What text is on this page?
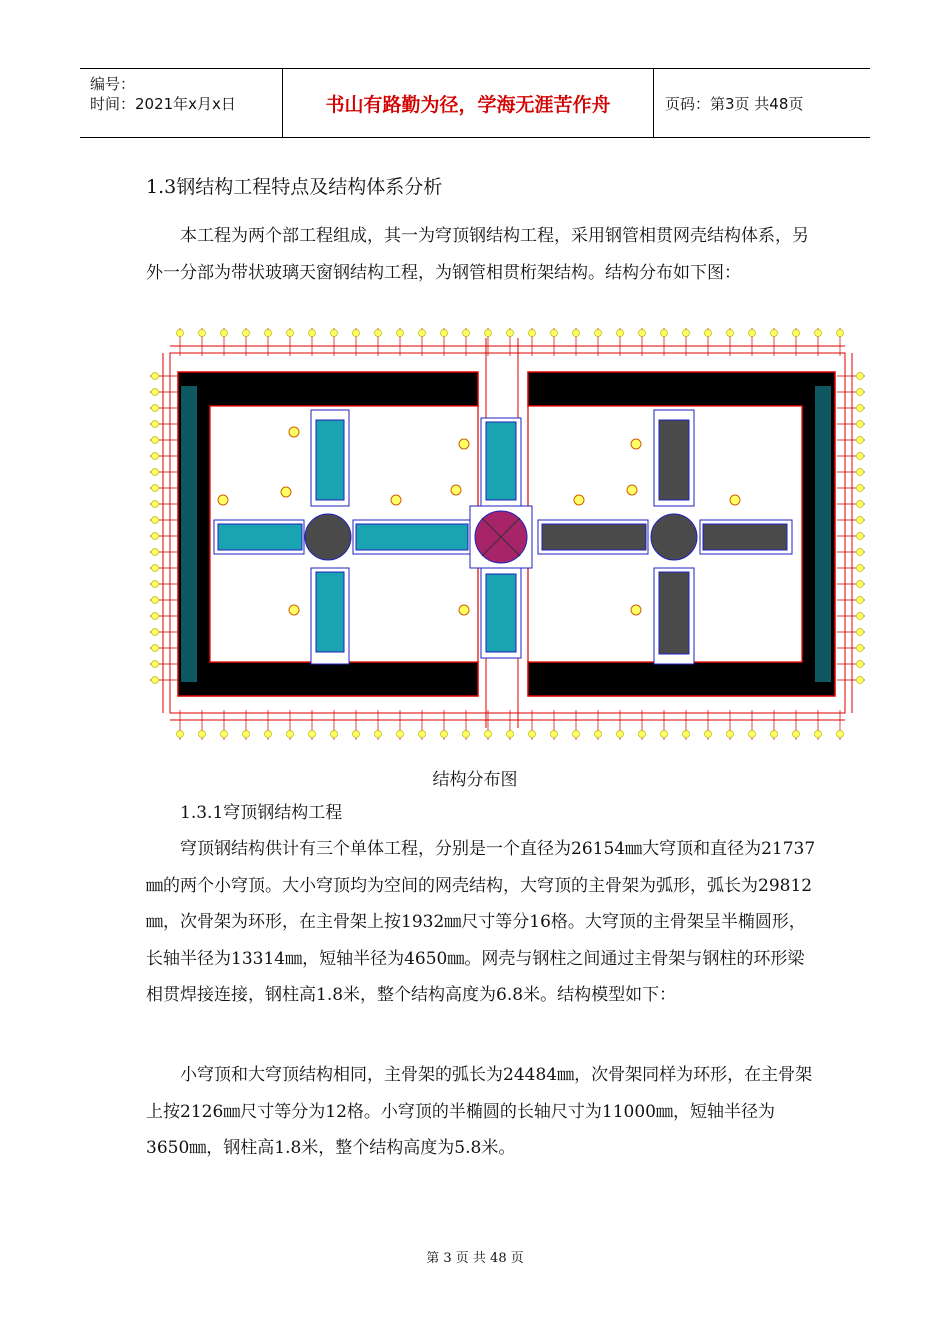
编号：
时间：2021年x月x日	书山有路勤为径，学海无涯苦作舟	页码：第3页 共48页
1.3钢结构工程特点及结构体系分析

本工程为两个部工程组成，其一为穹顶钢结构工程，采用钢管相贯网壳结构体系，另外一分部为带状玻璃天窗钢结构工程，为钢管相贯桁架结构。结构分布如下图：

结构分布图
1.3.1穹顶钢结构工程

穹顶钢结构供计有三个单体工程，分别是一个直径为26154㎜大穹顶和直径为21737㎜的两个小穹顶。大小穹顶均为空间的网壳结构，大穹顶的主骨架为弧形，弧长为29812㎜，次骨架为环形，在主骨架上按1932㎜尺寸等分16格。大穹顶的主骨架呈半椭圆形，长轴半径为13314㎜，短轴半径为4650㎜。网壳与钢柱之间通过主骨架与钢柱的环形梁相贯焊接连接，钢柱高1.8米，整个结构高度为6.8米。结构模型如下：

小穹顶和大穹顶结构相同，主骨架的弧长为24484㎜，次骨架同样为环形，在主骨架上按2126㎜尺寸等分为12格。小穹顶的半椭圆的长轴尺寸为11000㎜，短轴半径为3650㎜，钢柱高1.8米，整个结构高度为5.8米。

第 3 页 共 48 页
